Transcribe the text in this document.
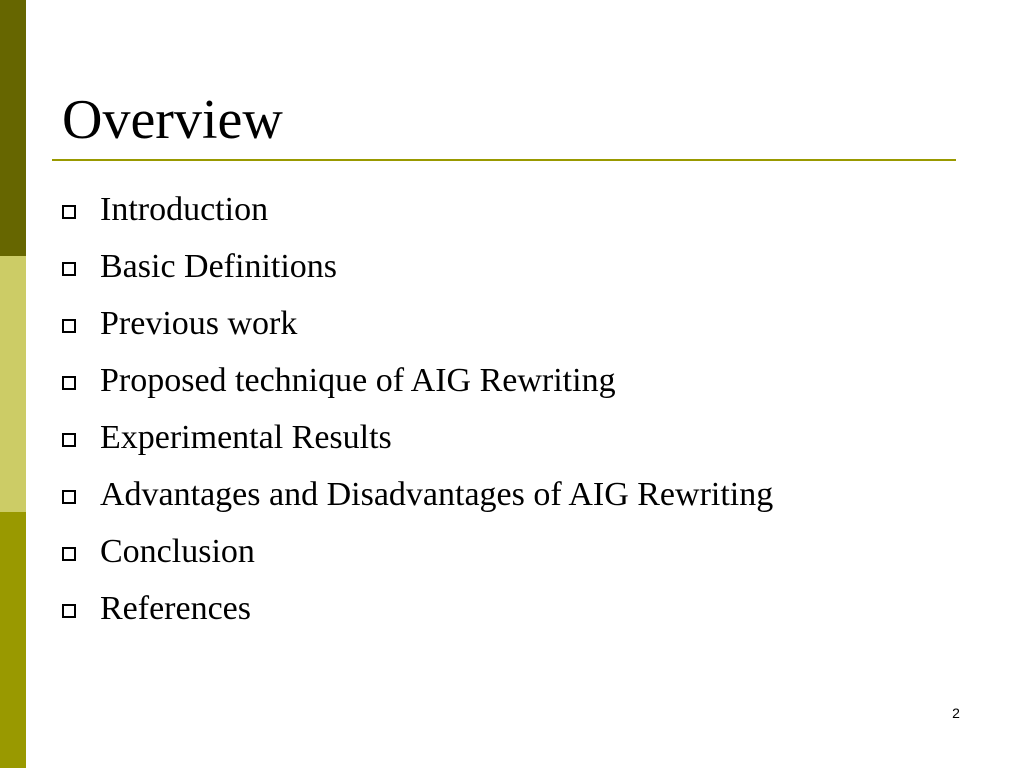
Overview
Introduction
Basic Definitions
Previous work
Proposed technique of AIG Rewriting
Experimental Results
Advantages and Disadvantages of AIG Rewriting
Conclusion
References
2
